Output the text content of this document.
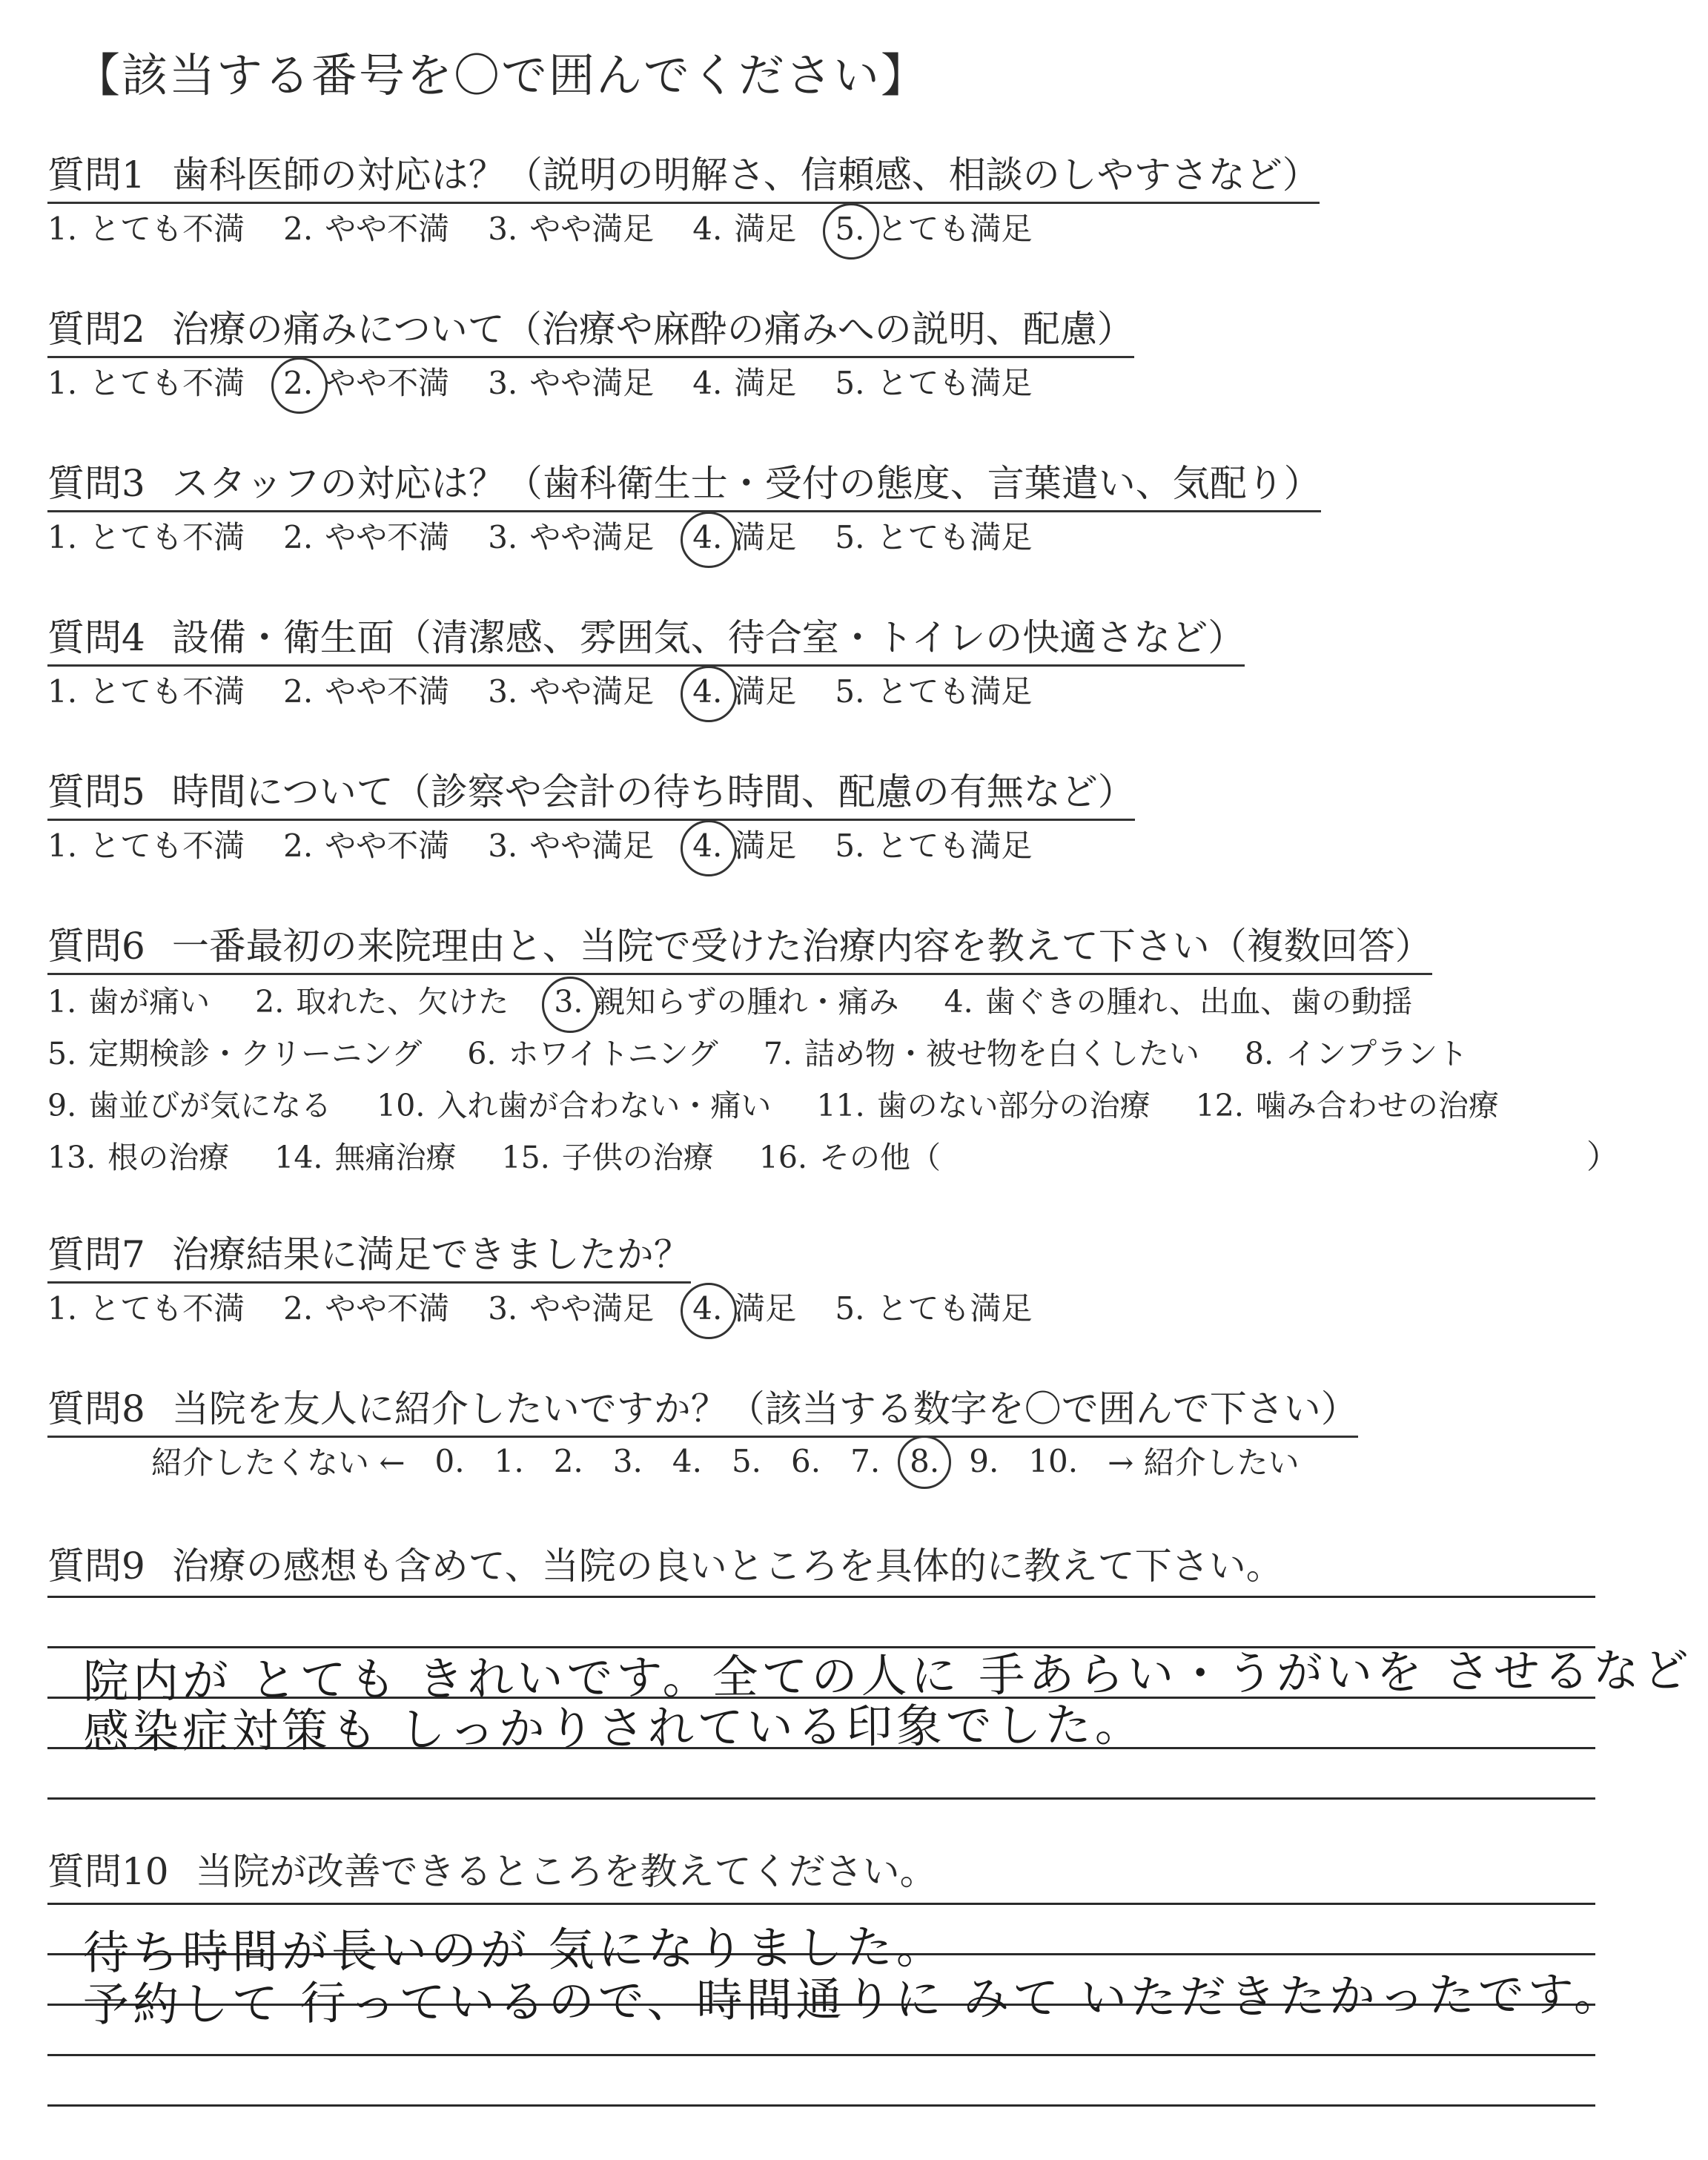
【該当する番号を〇で囲んでください】
質問1 歯科医師の対応は？（説明の明解さ、信頼感、相談のしやすさなど）
1. とても不満 2. やや不満 3. やや満足 4. 満足 5. とても満足
質問2 治療の痛みについて（治療や麻酔の痛みへの説明、配慮）
1. とても不満 2. やや不満 3. やや満足 4. 満足 5. とても満足
質問3 スタッフの対応は？（歯科衛生士・受付の態度、言葉遣い、気配り）
1. とても不満 2. やや不満 3. やや満足 4. 満足 5. とても満足
質問4 設備・衛生面（清潔感、雰囲気、待合室・トイレの快適さなど）
1. とても不満 2. やや不満 3. やや満足 4. 満足 5. とても満足
質問5 時間について（診察や会計の待ち時間、配慮の有無など）
1. とても不満 2. やや不満 3. やや満足 4. 満足 5. とても満足
質問6 一番最初の来院理由と、当院で受けた治療内容を教えて下さい（複数回答）
1. 歯が痛い 2. 取れた、欠けた 3. 親知らずの腫れ・痛み 4. 歯ぐきの腫れ、出血、歯の動揺
5. 定期検診・クリーニング 6. ホワイトニング 7. 詰め物・被せ物を白くしたい 8. インプラント
9. 歯並びが気になる 10. 入れ歯が合わない・痛い 11. 歯のない部分の治療 12. 噛み合わせの治療
13. 根の治療 14. 無痛治療 15. 子供の治療 16. その他（	）
質問7 治療結果に満足できましたか？
1. とても不満 2. やや不満 3. やや満足 4. 満足 5. とても満足
質問8 当院を友人に紹介したいですか？（該当する数字を〇で囲んで下さい）
紹介したくない ← 0. 1. 2. 3. 4. 5. 6. 7. 8. 9. 10. → 紹介したい
質問9 治療の感想も含めて、当院の良いところを具体的に教えて下さい。
院内が とても きれいです。全ての人に 手あらい・うがいを させるなど
感染症対策も しっかりされている印象でした。
質問10 当院が改善できるところを教えてください。
待ち時間が長いのが 気になりました。
予約して 行っているので、時間通りに みて いただきたかったです。
